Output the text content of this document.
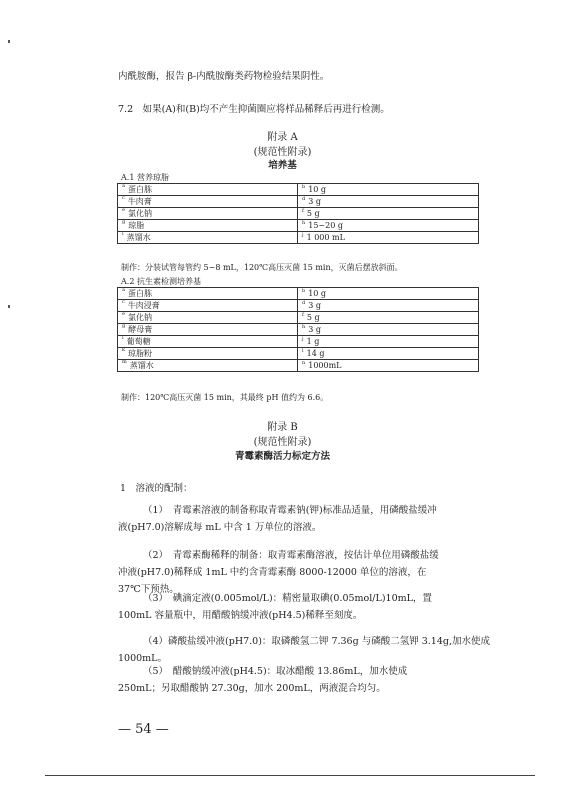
内酰胺酶，报告 β-内酰胺酶类药物检验结果阴性。
7.2　如果(A)和(B)均不产生抑菌圈应将样品稀释后再进行检测。
附录 A
(规范性附录)
培养基
A.1 营养琼脂
$^a$ 蛋白胨	$^b$ 10 g
$^c$ 牛肉膏	$^d$ 3 g
$^e$ 氯化钠	$^f$ 5 g
$^g$ 琼脂	$^h$ 15~20 g
$^i$ 蒸馏水	$^j$ 1 000 mL
制作：分装试管每管约 5~8 mL，120℃高压灭菌 15 min，灭菌后摆放斜面。
A.2 抗生素检测培养基
$^a$ 蛋白胨	$^b$ 10 g
$^c$ 牛肉浸膏	$^d$ 3 g
$^e$ 氯化钠	$^f$ 5 g
$^g$ 酵母膏	$^h$ 3 g
$^i$ 葡萄糖	$^j$ 1 g
$^k$ 琼脂粉	$^l$ 14 g
$^m$ 蒸馏水	$^n$ 1000mL
制作：120℃高压灭菌 15 min，其最终 pH 值约为 6.6。
附录 B
(规范性附录)
青霉素酶活力标定方法
1　溶液的配制：
（1）　青霉素溶液的制备称取青霉素钠(钾)标准品适量，用磷酸盐缓冲液(pH7.0)溶解成每 mL 中含 1 万单位的溶液。
（2）　青霉素酶稀释的制备：取青霉素酶溶液，按估计单位用磷酸盐缓冲液(pH7.0)稀释成 1mL 中约含青霉素酶 8000-12000 单位的溶液，在 37℃下预热。
（3）　碘滴定液(0.005mol/L)：精密量取碘(0.05mol/L)10mL，置 100mL 容量瓶中，用醋酸钠缓冲液(pH4.5)稀释至刻度。
（4）磷酸盐缓冲液(pH7.0)：取磷酸氢二钾 7.36g 与磷酸二氢钾 3.14g,加水使成 1000mL。
（5）　醋酸钠缓冲液(pH4.5)：取冰醋酸 13.86mL，加水使成 250mL；另取醋酸钠 27.30g，加水 200mL，两液混合均匀。
— 54 —
